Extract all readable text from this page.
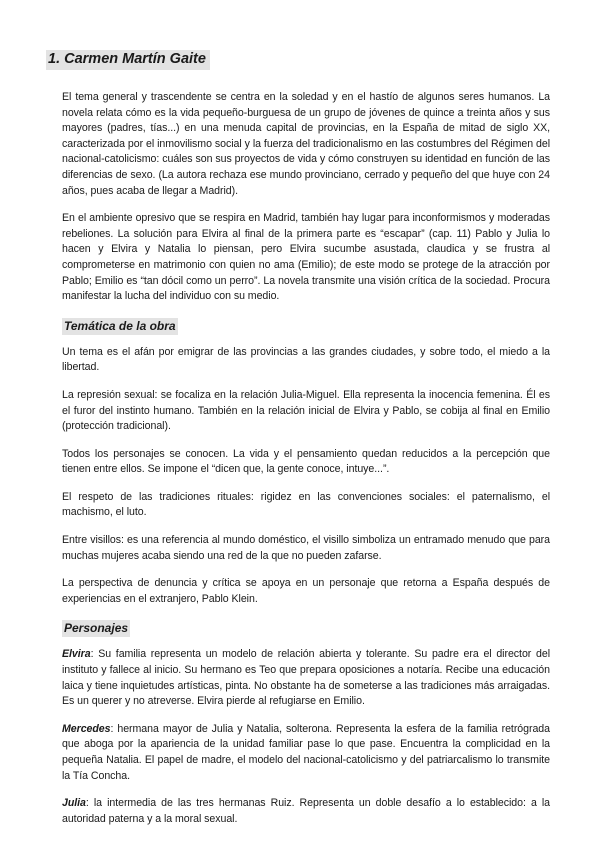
1. Carmen Martín Gaite

El tema general y trascendente se centra en la soledad y en el hastío de algunos seres humanos. La novela relata cómo es la vida pequeño-burguesa de un grupo de jóvenes de quince a treinta años y sus mayores (padres, tías...) en una menuda capital de provincias, en la España de mitad de siglo XX, caracterizada por el inmovilismo social y la fuerza del tradicionalismo en las costumbres del Régimen del nacional-catolicismo: cuáles son sus proyectos de vida y cómo construyen su identidad en función de las diferencias de sexo. (La autora rechaza ese mundo provinciano, cerrado y pequeño del que huye con 24 años, pues acaba de llegar a Madrid).

En el ambiente opresivo que se respira en Madrid, también hay lugar para inconformismos y moderadas rebeliones. La solución para Elvira al final de la primera parte es “escapar” (cap. 11) Pablo y Julia lo hacen y Elvira y Natalia lo piensan, pero Elvira sucumbe asustada, claudica y se frustra al comprometerse en matrimonio con quien no ama (Emilio); de este modo se protege de la atracción por Pablo; Emilio es “tan dócil como un perro”. La novela transmite una visión crítica de la sociedad. Procura manifestar la lucha del individuo con su medio.

Temática de la obra

Un tema es el afán por emigrar de las provincias a las grandes ciudades, y sobre todo, el miedo a la libertad.

La represión sexual: se focaliza en la relación Julia-Miguel. Ella representa la inocencia femenina. Él es el furor del instinto humano. También en la relación inicial de Elvira y Pablo, se cobija al final en Emilio (protección tradicional).

Todos los personajes se conocen. La vida y el pensamiento quedan reducidos a la percepción que tienen entre ellos. Se impone el “dicen que, la gente conoce, intuye...”.

El respeto de las tradiciones rituales: rigidez en las convenciones sociales: el paternalismo, el machismo, el luto.

Entre visillos: es una referencia al mundo doméstico, el visillo simboliza un entramado menudo que para muchas mujeres acaba siendo una red de la que no pueden zafarse.

La perspectiva de denuncia y crítica se apoya en un personaje que retorna a España después de experiencias en el extranjero, Pablo Klein.

Personajes

Elvira: Su familia representa un modelo de relación abierta y tolerante. Su padre era el director del instituto y fallece al inicio. Su hermano es Teo que prepara oposiciones a notaría. Recibe una educación laica y tiene inquietudes artísticas, pinta. No obstante ha de someterse a las tradiciones más arraigadas. Es un querer y no atreverse. Elvira pierde al refugiarse en Emilio.

Mercedes: hermana mayor de Julia y Natalia, solterona. Representa la esfera de la familia retrógrada que aboga por la apariencia de la unidad familiar pase lo que pase. Encuentra la complicidad en la pequeña Natalia. El papel de madre, el modelo del nacional-catolicismo y del patriarcalismo lo transmite la Tía Concha.

Julia: la intermedia de las tres hermanas Ruiz. Representa un doble desafío a lo establecido: a la autoridad paterna y a la moral sexual.
